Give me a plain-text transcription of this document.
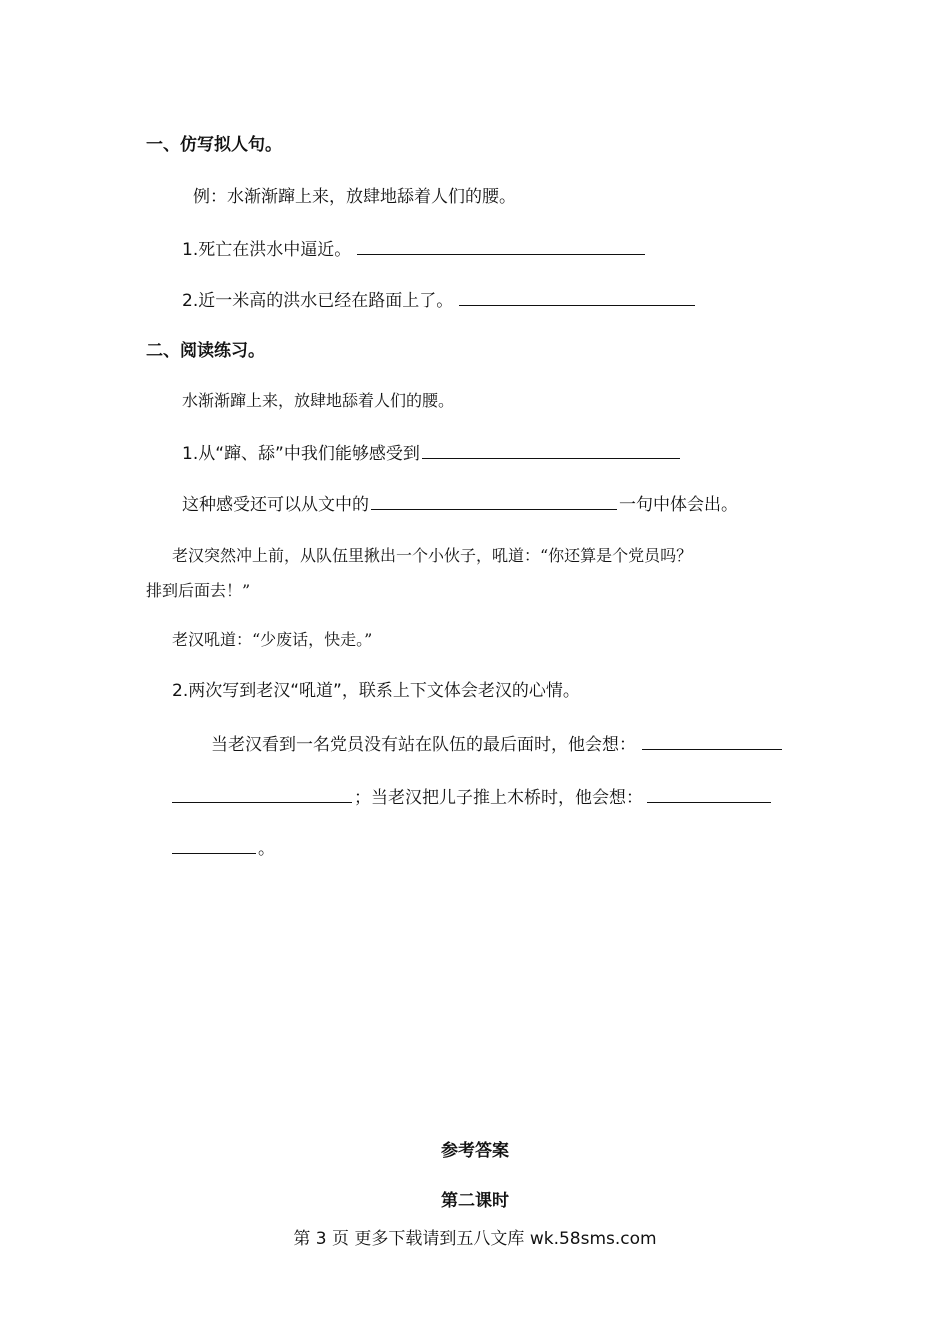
一、仿写拟人句。
例：水渐渐蹿上来，放肆地舔着人们的腰。
1.死亡在洪水中逼近。
2.近一米高的洪水已经在路面上了。
二、阅读练习。
水渐渐蹿上来，放肆地舔着人们的腰。
1.从“蹿、舔”中我们能够感受到
这种感受还可以从文中的	一句中体会出。
老汉突然冲上前，从队伍里揪出一个小伙子，吼道：“你还算是个党员吗？
排到后面去！”
老汉吼道：“少废话，快走。”
2.两次写到老汉“吼道”，联系上下文体会老汉的心情。
当老汉看到一名党员没有站在队伍的最后面时，他会想：
；当老汉把儿子推上木桥时，他会想：
。
参考答案
第二课时
第 3 页 更多下载请到五八文库 wk.58sms.com
